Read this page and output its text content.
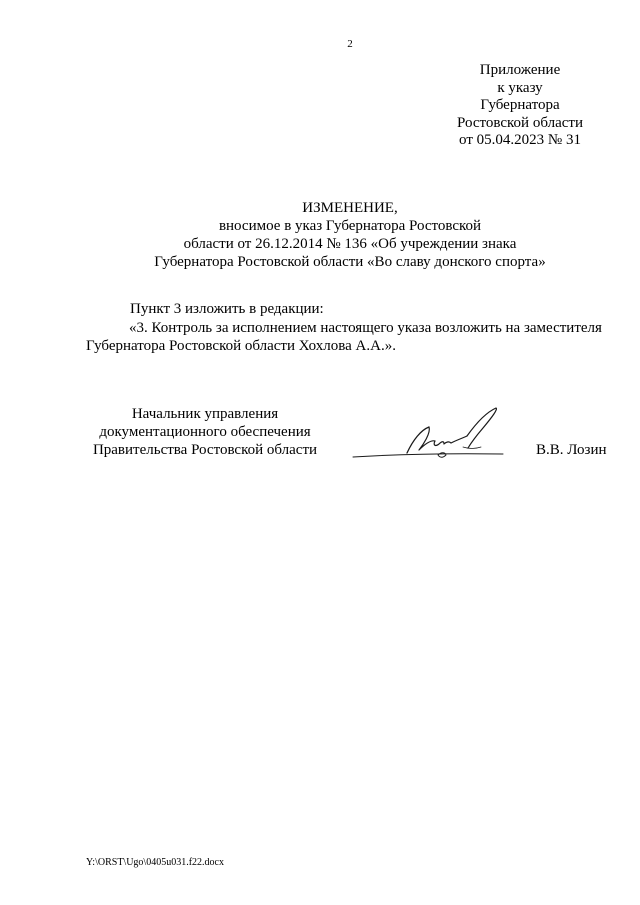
2
Приложение
к указу
Губернатора
Ростовской области
от 05.04.2023 № 31
ИЗМЕНЕНИЕ,
вносимое в указ Губернатора Ростовской
области от 26.12.2014 № 136 «Об учреждении знака
Губернатора Ростовской области «Во славу донского спорта»
Пункт 3 изложить в редакции:
«3. Контроль за исполнением настоящего указа возложить на заместителя
Губернатора Ростовской области Хохлова А.А.».
Начальник управления
документационного обеспечения
Правительства Ростовской области	В.В. Лозин
Y:\ORST\Ugo\0405u031.f22.docx
